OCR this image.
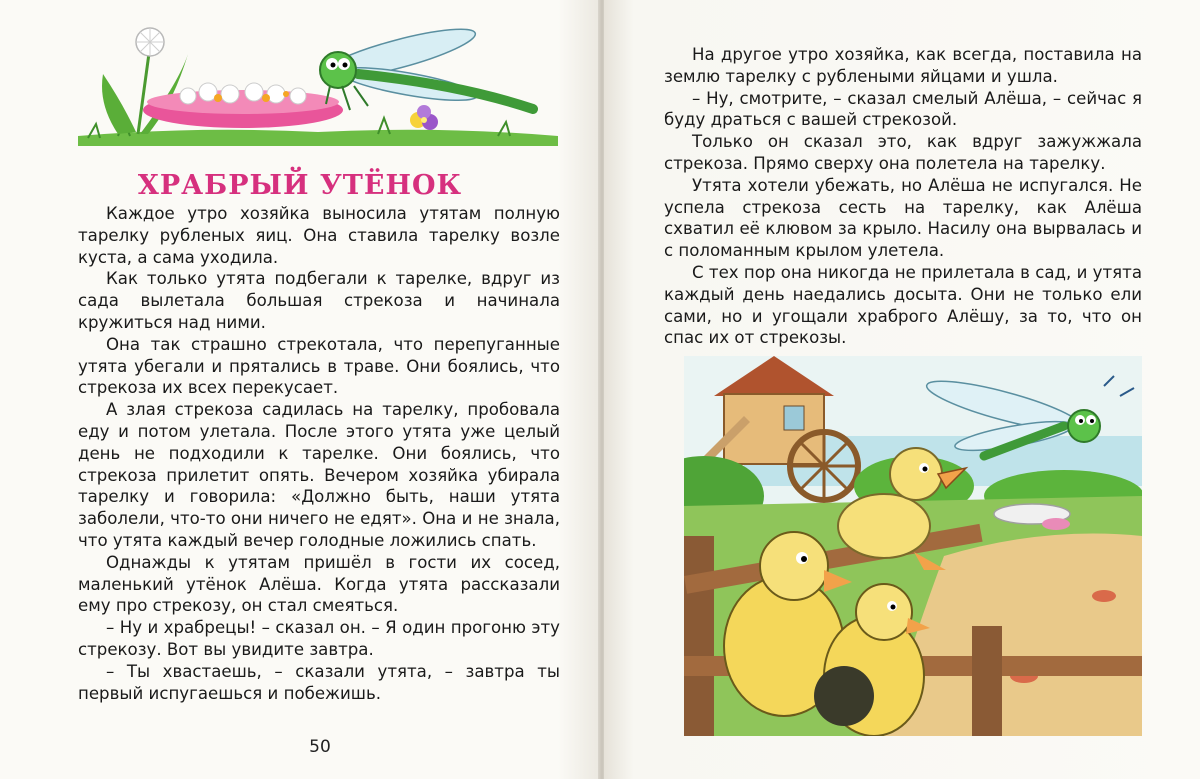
ХРАБРЫЙ УТЁНОК

Каждое утро хозяйка выносила утятам полную тарелку рубленых яиц. Она ставила тарелку возле куста, а сама уходила.

Как только утята подбегали к тарелке, вдруг из сада вылетала большая стрекоза и начинала кружиться над ними.

Она так страшно стрекотала, что перепуганные утята убегали и прятались в траве. Они боялись, что стрекоза их всех перекусает.

А злая стрекоза садилась на тарелку, пробовала еду и потом улетала. После этого утята уже целый день не подходили к тарелке. Они боялись, что стрекоза прилетит опять. Вечером хозяйка убирала тарелку и говорила: «Должно быть, наши утята заболели, что-то они ничего не едят». Она и не знала, что утята каждый вечер голодные ложились спать.

Однажды к утятам пришёл в гости их сосед, маленький утёнок Алёша. Когда утята рассказали ему про стрекозу, он стал смеяться.

– Ну и храбрецы! – сказал он. – Я один прогоню эту стрекозу. Вот вы увидите завтра.

– Ты хвастаешь, – сказали утята, – завтра ты первый испугаешься и побежишь.

50

На другое утро хозяйка, как всегда, поставила на землю тарелку с рублеными яйцами и ушла.

– Ну, смотрите, – сказал смелый Алёша, – сейчас я буду драться с вашей стрекозой.

Только он сказал это, как вдруг зажужжала стрекоза. Прямо сверху она полетела на тарелку.

Утята хотели убежать, но Алёша не испугался. Не успела стрекоза сесть на тарелку, как Алёша схватил её клювом за крыло. Насилу она вырвалась и с поломанным крылом улетела.

С тех пор она никогда не прилетала в сад, и утята каждый день наедались досыта. Они не только ели сами, но и угощали храброго Алёшу, за то, что он спас их от стрекозы.
